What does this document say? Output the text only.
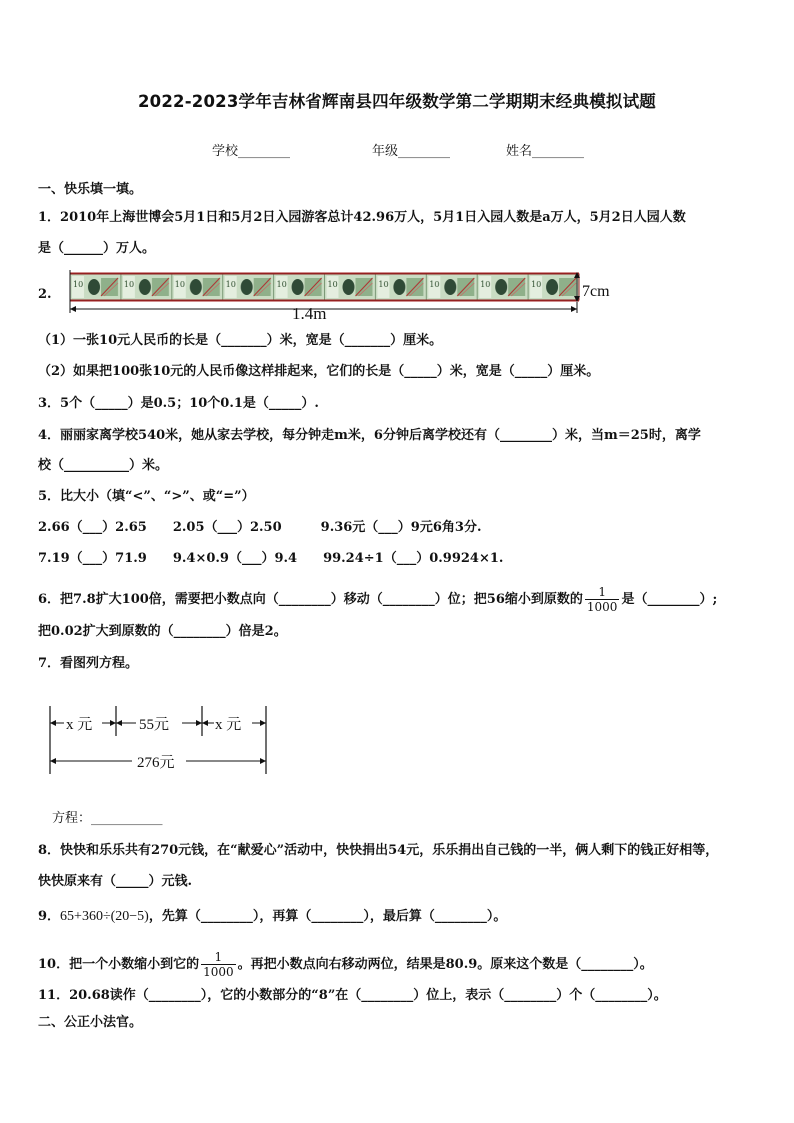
2022-2023学年吉林省辉南县四年级数学第二学期期末经典模拟试题
学校________	年级________	姓名________
一、快乐填一填。
1．2010年上海世博会5月1日和5月2日入园游客总计42.96万人，5月1日入园人数是a万人，5月2日人园人数
是（______）万人。
2.	7cm
1.4m
（1）一张10元人民币的长是（_______）米，宽是（_______）厘米。
（2）如果把100张10元的人民币像这样排起来，它们的长是（_____）米，宽是（_____）厘米。
3．5个（_____）是0.5；10个0.1是（_____）.
4．丽丽家离学校540米，她从家去学校，每分钟走m米，6分钟后离学校还有（________）米，当m＝25时，离学
校（__________）米。
5．比大小（填“<”、“>”、或“=”）
2.66（___）2.65　　2.05（___）2.50　　　9.36元（___）9元6角3分.
7.19（___）71.9　　9.4×0.9（___）9.4　　99.24÷1（___）0.9924×1.
6．把7.8扩大100倍，需要把小数点向（________）移动（________）位；把56缩小到原数的 $\frac{1}{1000}$ 是（________）;
把0.02扩大到原数的（________）倍是2。
7．看图列方程。
x 元	55元	x 元
276元
方程：___________
8．快快和乐乐共有270元钱，在“献爱心”活动中，快快捐出54元，乐乐捐出自己钱的一半，俩人剩下的钱正好相等，
快快原来有（_____）元钱.
9．65+360÷(20−5)，先算（________），再算（________），最后算（________）。
10．把一个小数缩小到它的 $\frac{1}{1000}$ 。再把小数点向右移动两位，结果是80.9。原来这个数是（________）。
11．20.68读作（________），它的小数部分的“8”在（________）位上，表示（________）个（________）。
二、公正小法官。
